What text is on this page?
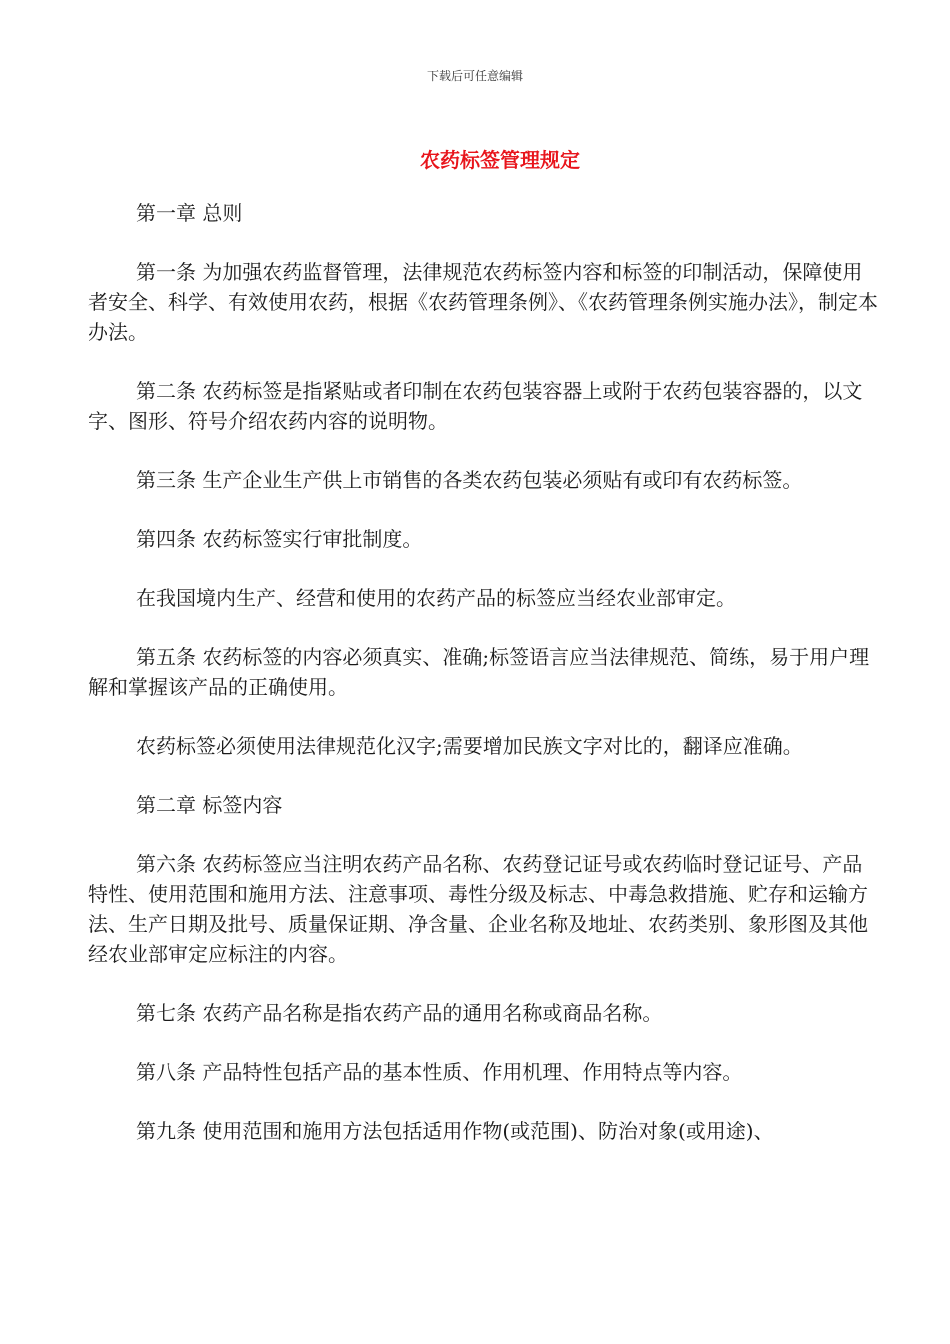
下载后可任意编辑
农药标签管理规定

第一章 总则

第一条 为加强农药监督管理，法律规范农药标签内容和标签的印制活动，保障使用者安全、科学、有效使用农药，根据《农药管理条例》、《农药管理条例实施办法》，制定本办法。

第二条 农药标签是指紧贴或者印制在农药包装容器上或附于农药包装容器的，以文字、图形、符号介绍农药内容的说明物。

第三条 生产企业生产供上市销售的各类农药包装必须贴有或印有农药标签。

第四条 农药标签实行审批制度。

在我国境内生产、经营和使用的农药产品的标签应当经农业部审定。

第五条 农药标签的内容必须真实、准确;标签语言应当法律规范、简练，易于用户理解和掌握该产品的正确使用。

农药标签必须使用法律规范化汉字;需要增加民族文字对比的，翻译应准确。

第二章 标签内容

第六条 农药标签应当注明农药产品名称、农药登记证号或农药临时登记证号、产品特性、使用范围和施用方法、注意事项、毒性分级及标志、中毒急救措施、贮存和运输方法、生产日期及批号、质量保证期、净含量、企业名称及地址、农药类别、象形图及其他经农业部审定应标注的内容。

第七条 农药产品名称是指农药产品的通用名称或商品名称。

第八条 产品特性包括产品的基本性质、作用机理、作用特点等内容。

第九条 使用范围和施用方法包括适用作物(或范围)、防治对象(或用途)、
